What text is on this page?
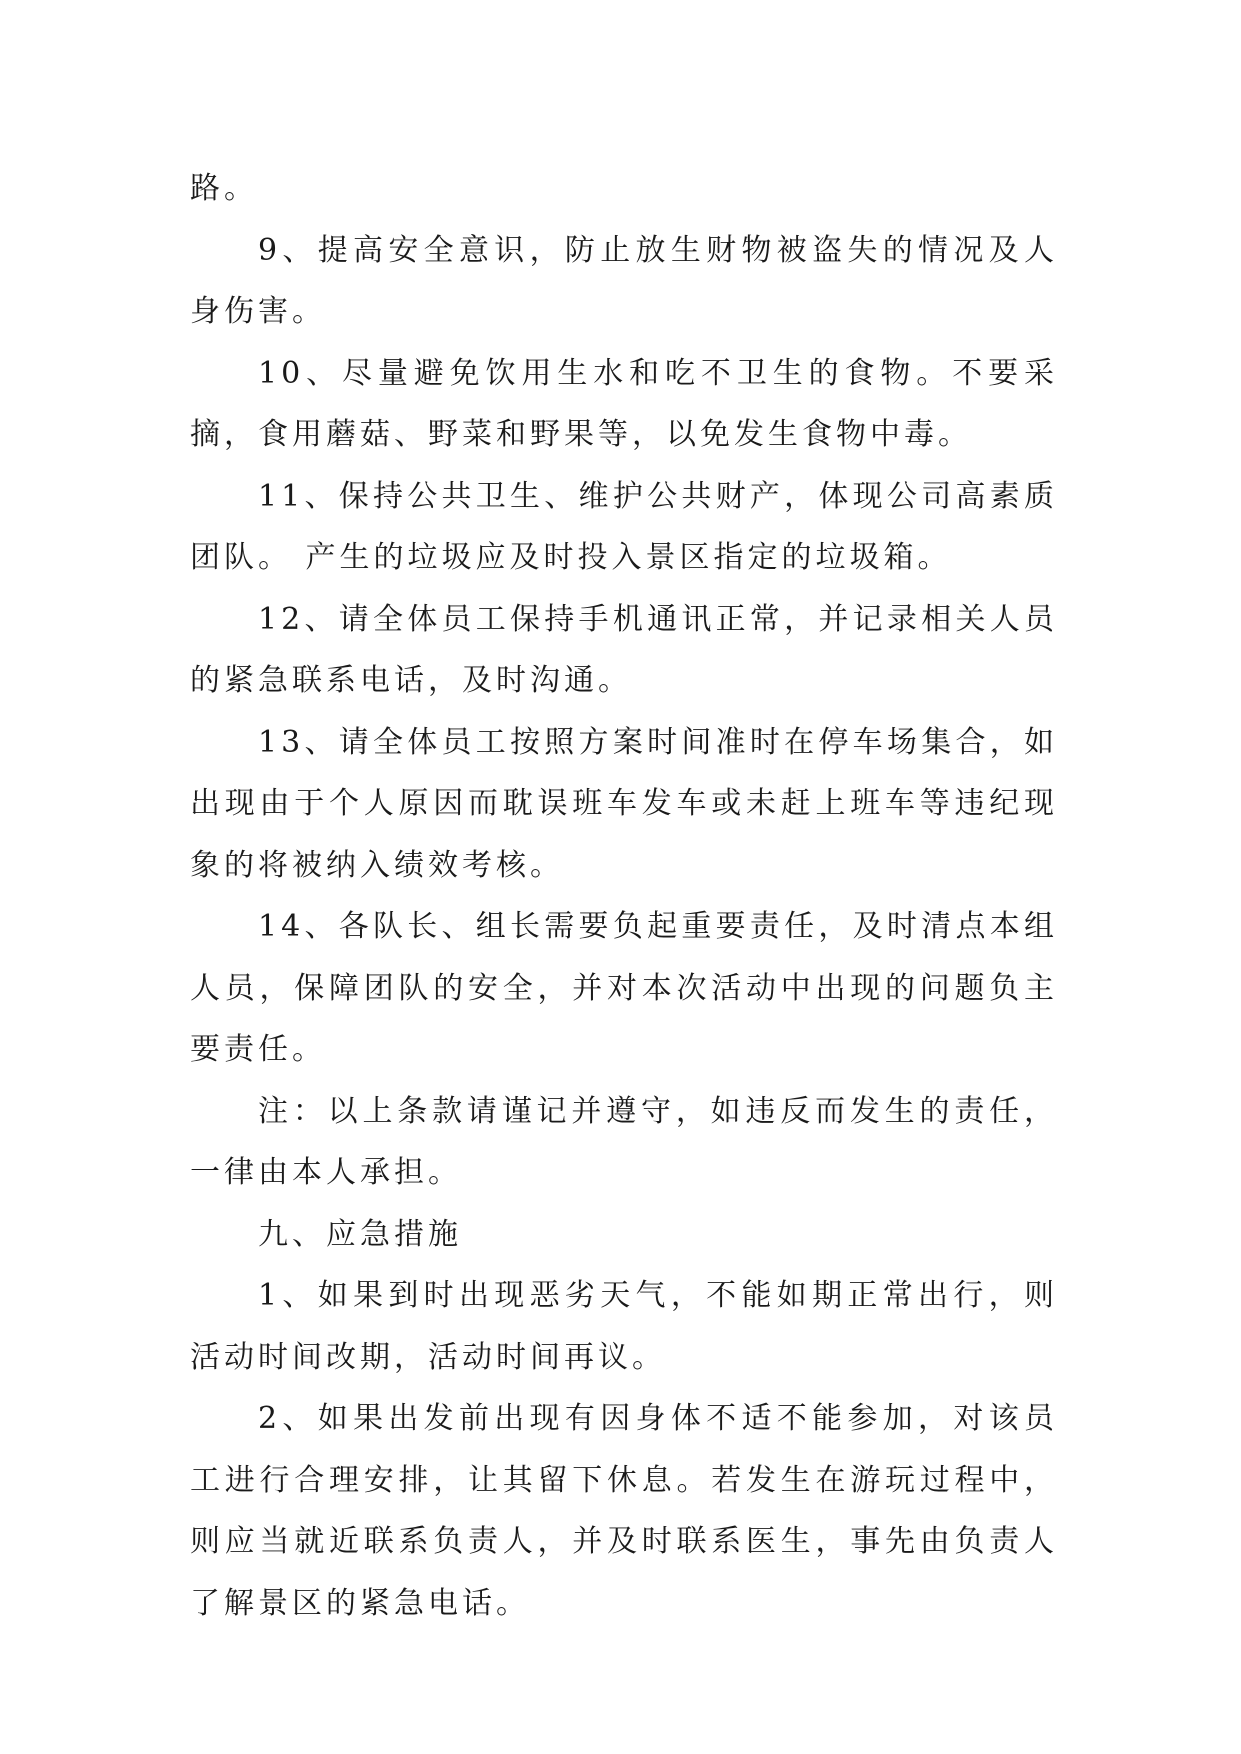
路。

9、提高安全意识，防止放生财物被盗失的情况及人身伤害。

10、尽量避免饮用生水和吃不卫生的食物。不要采摘，食用蘑菇、野菜和野果等，以免发生食物中毒。

11、保持公共卫生、维护公共财产，体现公司高素质团队。 产生的垃圾应及时投入景区指定的垃圾箱。

12、请全体员工保持手机通讯正常，并记录相关人员的紧急联系电话，及时沟通。

13、请全体员工按照方案时间准时在停车场集合，如出现由于个人原因而耽误班车发车或未赶上班车等违纪现象的将被纳入绩效考核。

14、各队长、组长需要负起重要责任，及时清点本组人员，保障团队的安全，并对本次活动中出现的问题负主要责任。

注：以上条款请谨记并遵守，如违反而发生的责任，一律由本人承担。

九、应急措施

1、如果到时出现恶劣天气，不能如期正常出行，则活动时间改期，活动时间再议。

2、如果出发前出现有因身体不适不能参加，对该员工进行合理安排，让其留下休息。若发生在游玩过程中，则应当就近联系负责人，并及时联系医生，事先由负责人了解景区的紧急电话。
